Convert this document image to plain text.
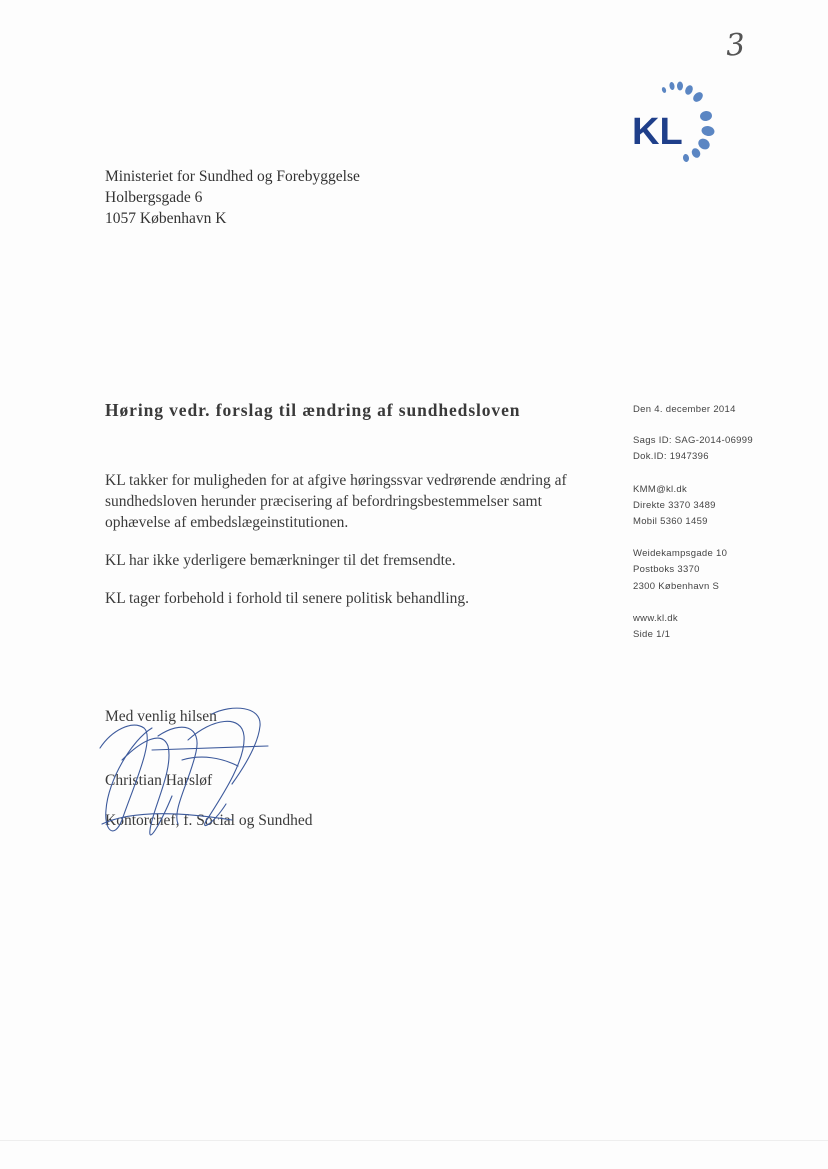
3
KL
Ministeriet for Sundhed og Forebyggelse
Holbergsgade 6
1057 København K
Høring vedr. forslag til ændring af sundhedsloven

KL takker for muligheden for at afgive høringssvar vedrørende ændring af sundhedsloven herunder præcisering af befordringsbestemmelser samt ophævelse af embedslægeinstitutionen.

KL har ikke yderligere bemærkninger til det fremsendte.

KL tager forbehold i forhold til senere politisk behandling.

Den 4. december 2014
Sags ID: SAG-2014-06999
Dok.ID: 1947396
KMM@kl.dk
Direkte 3370 3489
Mobil 5360 1459
Weidekampsgade 10
Postboks 3370
2300 København S
www.kl.dk
Side 1/1
Med venlig hilsen
Christian Harsløf
Kontorchef, f. Social og Sundhed
